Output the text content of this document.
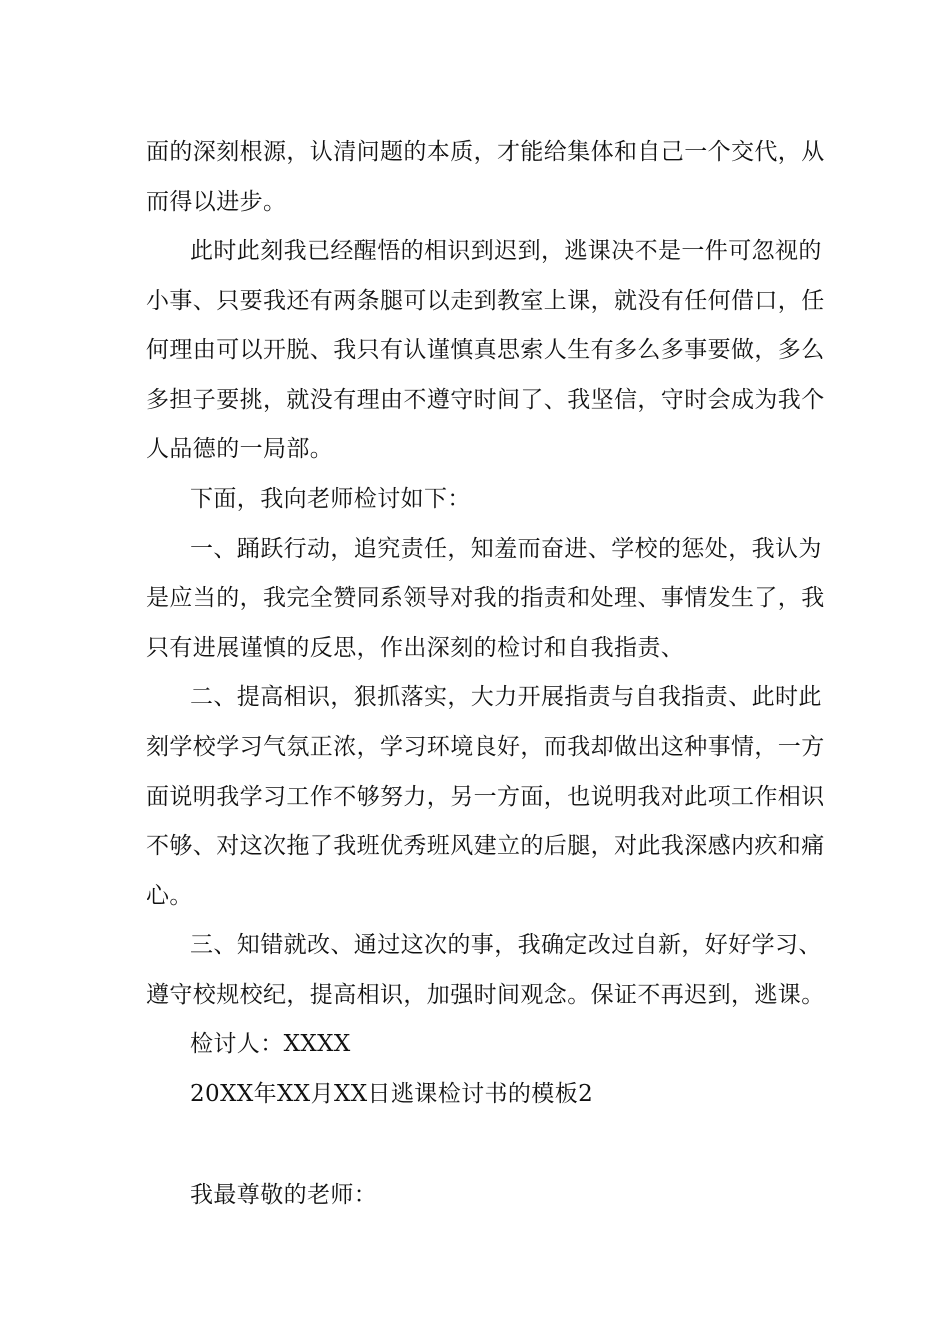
面的深刻根源，认清问题的本质，才能给集体和自己一个交代，从
而得以进步。
此时此刻我已经醒悟的相识到迟到，逃课决不是一件可忽视的
小事、只要我还有两条腿可以走到教室上课，就没有任何借口，任
何理由可以开脱、我只有认谨慎真思索人生有多么多事要做，多么
多担子要挑，就没有理由不遵守时间了、我坚信，守时会成为我个
人品德的一局部。
下面，我向老师检讨如下：
一、踊跃行动，追究责任，知羞而奋进、学校的惩处，我认为
是应当的，我完全赞同系领导对我的指责和处理、事情发生了，我
只有进展谨慎的反思，作出深刻的检讨和自我指责、
二、提高相识，狠抓落实，大力开展指责与自我指责、此时此
刻学校学习气氛正浓，学习环境良好，而我却做出这种事情，一方
面说明我学习工作不够努力，另一方面，也说明我对此项工作相识
不够、对这次拖了我班优秀班风建立的后腿，对此我深感内疚和痛
心。
三、知错就改、通过这次的事，我确定改过自新，好好学习、
遵守校规校纪，提高相识，加强时间观念。保证不再迟到，逃课。
检讨人：XXXX
20XX年XX月XX日逃课检讨书的模板2
我最尊敬的老师：
